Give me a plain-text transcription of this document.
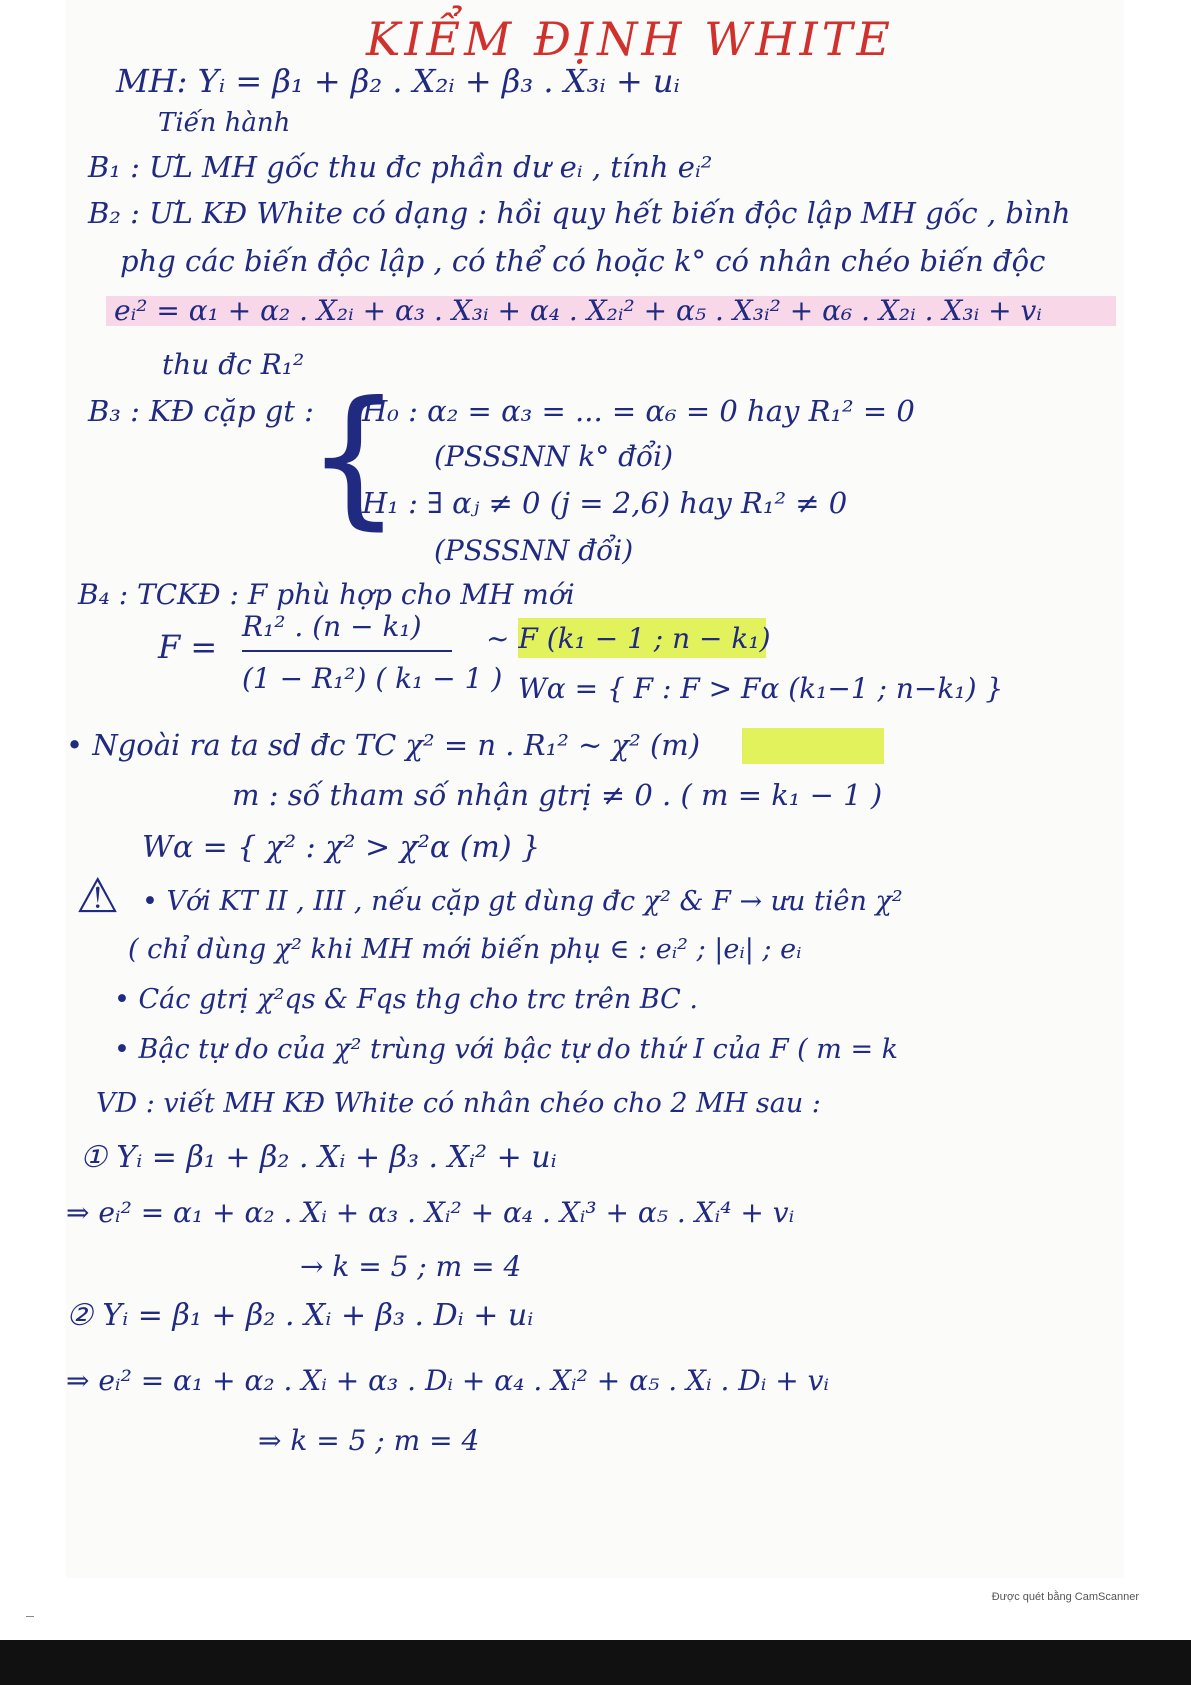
KIỂM ĐỊNH WHITE
MH: Yᵢ = β₁ + β₂ . X₂ᵢ + β₃ . X₃ᵢ + uᵢ
Tiến hành
B₁ : ƯL MH gốc thu đc phần dư eᵢ , tính eᵢ²
B₂ : ƯL KĐ White có dạng : hồi quy hết biến độc lập MH gốc , bình
phg các biến độc lập , có thể có hoặc k° có nhân chéo biến độc
eᵢ² = α₁ + α₂ . X₂ᵢ + α₃ . X₃ᵢ + α₄ . X₂ᵢ² + α₅ . X₃ᵢ² + α₆ . X₂ᵢ . X₃ᵢ + vᵢ
thu đc R₁²
B₃ : KĐ cặp gt :
{
H₀ : α₂ = α₃ = ... = α₆ = 0 hay R₁² = 0
(PSSSNN k° đổi)
H₁ : ∃ αⱼ ≠ 0 (j = 2,6) hay R₁² ≠ 0
(PSSSNN đổi)
B₄ : TCKĐ : F phù hợp cho MH mới
F =
R₁² . (n − k₁)
(1 − R₁²) ( k₁ − 1 )
~ F (k₁ − 1 ; n − k₁)
Wα = { F : F > Fα (k₁−1 ; n−k₁) }
• Ngoài ra ta sd đc TC χ² = n . R₁² ~ χ² (m)
m : số tham số nhận gtrị ≠ 0 . ( m = k₁ − 1 )
Wα = { χ² : χ² > χ²α (m) }
⚠ • Với KT II , III , nếu cặp gt dùng đc χ² & F → ưu tiên χ²
( chỉ dùng χ² khi MH mới biến phụ ∈ : eᵢ² ; |eᵢ| ; eᵢ
• Các gtrị χ²qs & Fqs thg cho trc trên BC .
• Bậc tự do của χ² trùng với bậc tự do thứ I của F ( m = k
VD : viết MH KĐ White có nhân chéo cho 2 MH sau :
① Yᵢ = β₁ + β₂ . Xᵢ + β₃ . Xᵢ² + uᵢ
⇒ eᵢ² = α₁ + α₂ . Xᵢ + α₃ . Xᵢ² + α₄ . Xᵢ³ + α₅ . Xᵢ⁴ + vᵢ
→ k = 5 ; m = 4
② Yᵢ = β₁ + β₂ . Xᵢ + β₃ . Dᵢ + uᵢ
⇒ eᵢ² = α₁ + α₂ . Xᵢ + α₃ . Dᵢ + α₄ . Xᵢ² + α₅ . Xᵢ . Dᵢ + vᵢ
⇒ k = 5 ; m = 4
Được quét bằng CamScanner
